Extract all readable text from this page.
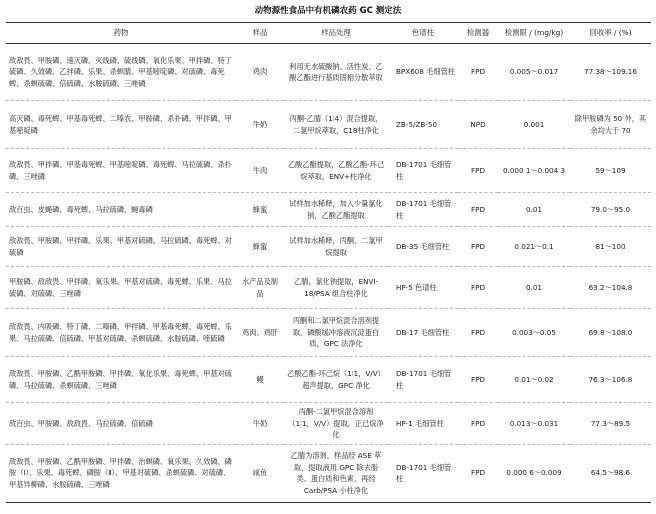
动物源性食品中有机磷农药 GC 测定法
药物	样品	样品处理	色谱柱	检测器	检测限 / (mg/kg)	回收率 / (%)
敌敌畏、甲胺磷、速灭磷、灭线磷、硫线磷、氧化乐果、甲拌磷、特丁硫磷、久效磷、乙拌磷、乐果、杀螟腈、甲基嘧啶磷、对硫磷、毒死蜱、杀螟硫磷、倍硫磷、水胺硫磷、三唑磷	鸡肉	利用无水硫酸钠、活性炭、乙酸乙酯进行基质固相分散萃取	BPX608 毛细管柱	FPD	0.005～0.017	77.38～109.16
高灭磷、毒死蜱、甲基毒死蜱、二嗪农、甲胺磷、杀扑磷、甲拌磷、甲基嘧啶磷	牛奶	丙酮-乙腈（1∶4）混合提取，二氯甲烷萃取，C18柱净化	ZB-5/ZB-50	NPD	0.001	除甲胺磷为 50 外，其余均大于 70
敌敌畏、甲拌磷、甲基毒死蜱、甲基嘧啶磷、毒死蜱、马拉硫磷、杀扑磷、三唑磷	牛肉	乙酸乙酯提取，乙酸乙酯-环己烷萃取，ENV+柱净化	DB-1701 毛细管柱	FPD	0.000 1～0.004 3	59～109
敌百虫、皮蝇磷、毒死蜱、马拉硫磷、蝇毒磷	蜂蜜	试样加水稀释，加入少量氯化钠，乙酸乙酯提取	DB-1701 毛细管柱	FPD	0.01	79.0～95.0
敌敌畏、甲胺磷、甲拌磷、乐果、甲基对硫磷、马拉硫磷、毒死蜱、对硫磷	蜂蜜	试样加水稀释，丙酮、二氯甲烷提取	DB-35 毛细管柱	FPD	0.021～0.1	81～100
甲胺磷、敌敌畏、甲拌磷、氧乐果、甲基对硫磷、毒死蜱、乐果、马拉硫磷、对硫磷、三唑磷	水产品及制品	乙腈、氯化钠提取，ENVI-18/PSA 组合柱净化	HP-5 色谱柱	FPD	0.01	63.2～104.8
敌敌畏、内吸磷、特丁磷、二嗪磷、甲拌磷、甲基毒死蜱、毒死蜱、乐果、马拉硫磷、倍硫磷、甲基对硫磷、杀螟硫磷、水胺硫磷、喹硫磷	鸡肉、鸡肝	丙酮和二氯甲烷混合溶剂提取，磷酸缓冲溶液沉淀蛋白质，GPC 法净化	DB-17 毛细管柱	FPD	0.003～0.05	69.8～108.0
敌敌畏、甲胺磷、乙酰甲胺磷、甲拌磷、氧化乐果、毒死蜱、甲基对硫磷、马拉硫磷、杀螟硫磷、三唑磷	鳗	乙酸乙酯-环己烷（1∶1，V/V）超声提取，GPC 净化	DB-1701 毛细管柱	FPD	0.01～0.02	76.3～106.8
敌百虫、甲胺磷、敌敌畏、马拉硫磷、倍硫磷	牛奶	丙酮-二氯甲烷混合溶剂（1∶1，V/V）提取，正己烷净化	HP-1 毛细管柱	FPD	0.013～0.031	77.3～89.5
敌敌畏、甲胺磷、乙酰甲胺磷、甲拌磷、治螟磷、氧乐果、久效磷、磷胺（Ⅰ）、乐果、毒死蜱、磷胺（Ⅱ）、甲基对硫磷、杀螟硫磷、对硫磷、甲基异柳磷、水胺硫磷、三唑磷	咸鱼	乙腈为溶剂，样品经 ASE 萃取，提取液用 GPC 除去脂类、蛋白质和色素，再经 Carb/PSA 小柱净化	DB-1701 毛细管柱	FPD	0.000 6～0.009	64.5～98.6
